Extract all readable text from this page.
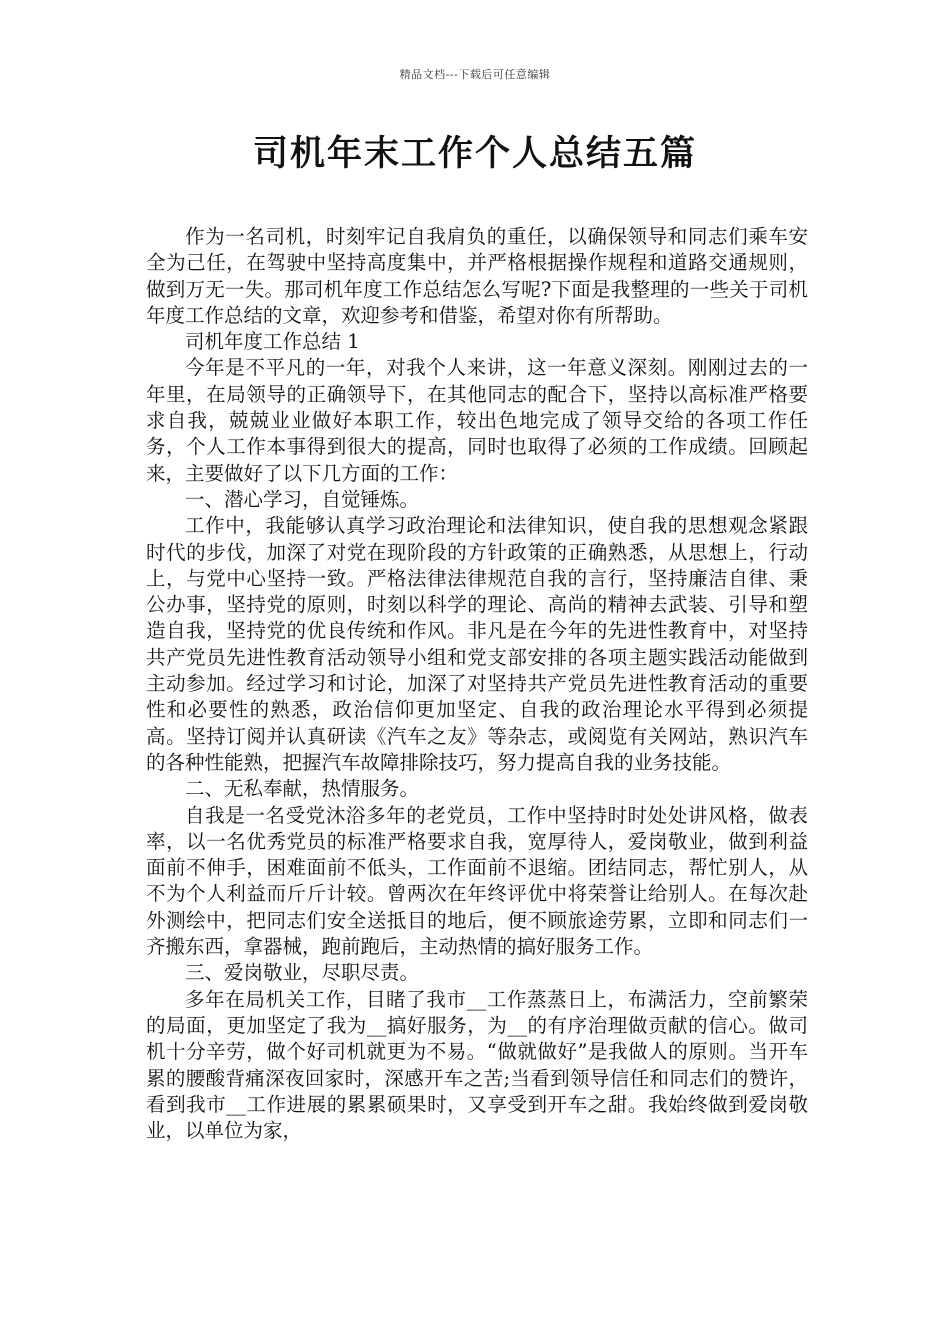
精品文档---下载后可任意编辑
司机年末工作个人总结五篇

作为一名司机，时刻牢记自我肩负的重任，以确保领导和同志们乘车安全为己任，在驾驶中坚持高度集中，并严格根据操作规程和道路交通规则，做到万无一失。那司机年度工作总结怎么写呢?下面是我整理的一些关于司机年度工作总结的文章，欢迎参考和借鉴，希望对你有所帮助。

司机年度工作总结 1

今年是不平凡的一年，对我个人来讲，这一年意义深刻。刚刚过去的一年里，在局领导的正确领导下，在其他同志的配合下，坚持以高标准严格要求自我，兢兢业业做好本职工作，较出色地完成了领导交给的各项工作任务，个人工作本事得到很大的提高，同时也取得了必须的工作成绩。回顾起来，主要做好了以下几方面的工作：

一、潜心学习，自觉锤炼。

工作中，我能够认真学习政治理论和法律知识，使自我的思想观念紧跟时代的步伐，加深了对党在现阶段的方针政策的正确熟悉，从思想上，行动上，与党中心坚持一致。严格法律法律规范自我的言行，坚持廉洁自律、秉公办事，坚持党的原则，时刻以科学的理论、高尚的精神去武装、引导和塑造自我，坚持党的优良传统和作风。非凡是在今年的先进性教育中，对坚持共产党员先进性教育活动领导小组和党支部安排的各项主题实践活动能做到主动参加。经过学习和讨论，加深了对坚持共产党员先进性教育活动的重要性和必要性的熟悉，政治信仰更加坚定、自我的政治理论水平得到必须提高。坚持订阅并认真研读《汽车之友》等杂志，或阅览有关网站，熟识汽车的各种性能熟，把握汽车故障排除技巧，努力提高自我的业务技能。

二、无私奉献，热情服务。

自我是一名受党沐浴多年的老党员，工作中坚持时时处处讲风格，做表率，以一名优秀党员的标准严格要求自我，宽厚待人，爱岗敬业，做到利益面前不伸手，困难面前不低头，工作面前不退缩。团结同志，帮忙别人，从不为个人利益而斤斤计较。曾两次在年终评优中将荣誉让给别人。在每次赴外测绘中，把同志们安全送抵目的地后，便不顾旅途劳累，立即和同志们一齐搬东西，拿器械，跑前跑后，主动热情的搞好服务工作。

三、爱岗敬业，尽职尽责。

多年在局机关工作，目睹了我市__工作蒸蒸日上，布满活力，空前繁荣的局面，更加坚定了我为__搞好服务，为__的有序治理做贡献的信心。做司机十分辛劳，做个好司机就更为不易。“做就做好”是我做人的原则。当开车累的腰酸背痛深夜回家时，深感开车之苦;当看到领导信任和同志们的赞许，看到我市__工作进展的累累硕果时，又享受到开车之甜。我始终做到爱岗敬业，以单位为家，
